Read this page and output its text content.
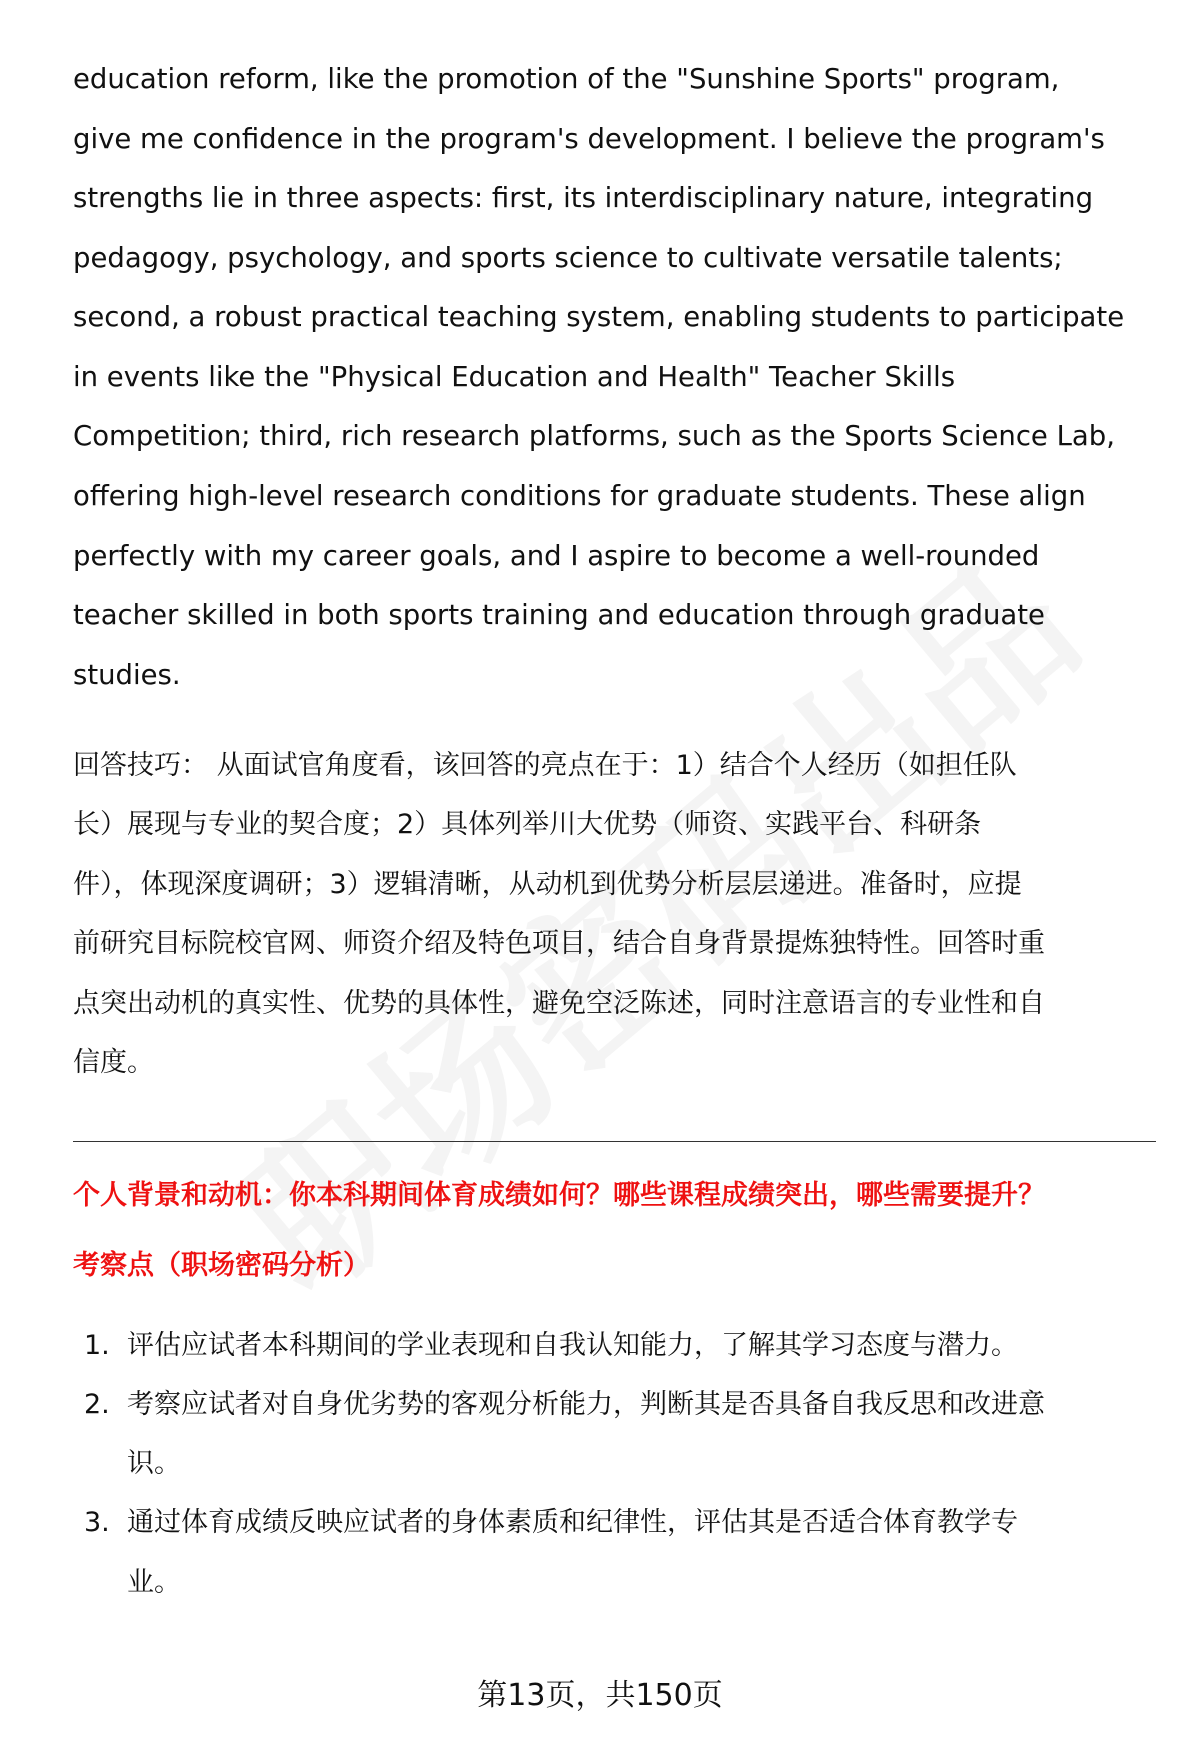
education reform, like the promotion of the "Sunshine Sports" program,
give me confidence in the program's development. I believe the program's
strengths lie in three aspects: first, its interdisciplinary nature, integrating
pedagogy, psychology, and sports science to cultivate versatile talents;
second, a robust practical teaching system, enabling students to participate
in events like the "Physical Education and Health" Teacher Skills
Competition; third, rich research platforms, such as the Sports Science Lab,
offering high-level research conditions for graduate students. These align
perfectly with my career goals, and I aspire to become a well-rounded
teacher skilled in both sports training and education through graduate
studies.
回答技巧： 从面试官角度看，该回答的亮点在于：1）结合个人经历（如担任队
长）展现与专业的契合度；2）具体列举川大优势（师资、实践平台、科研条
件），体现深度调研；3）逻辑清晰，从动机到优势分析层层递进。准备时，应提
前研究目标院校官网、师资介绍及特色项目，结合自身背景提炼独特性。回答时重
点突出动机的真实性、优势的具体性，避免空泛陈述，同时注意语言的专业性和自
信度。
个人背景和动机：你本科期间体育成绩如何？哪些课程成绩突出，哪些需要提升？
考察点（职场密码分析）
1. 评估应试者本科期间的学业表现和自我认知能力，了解其学习态度与潜力。
2. 考察应试者对自身优劣势的客观分析能力，判断其是否具备自我反思和改进意
识。
3. 通过体育成绩反映应试者的身体素质和纪律性，评估其是否适合体育教学专
业。
第13页，共150页
